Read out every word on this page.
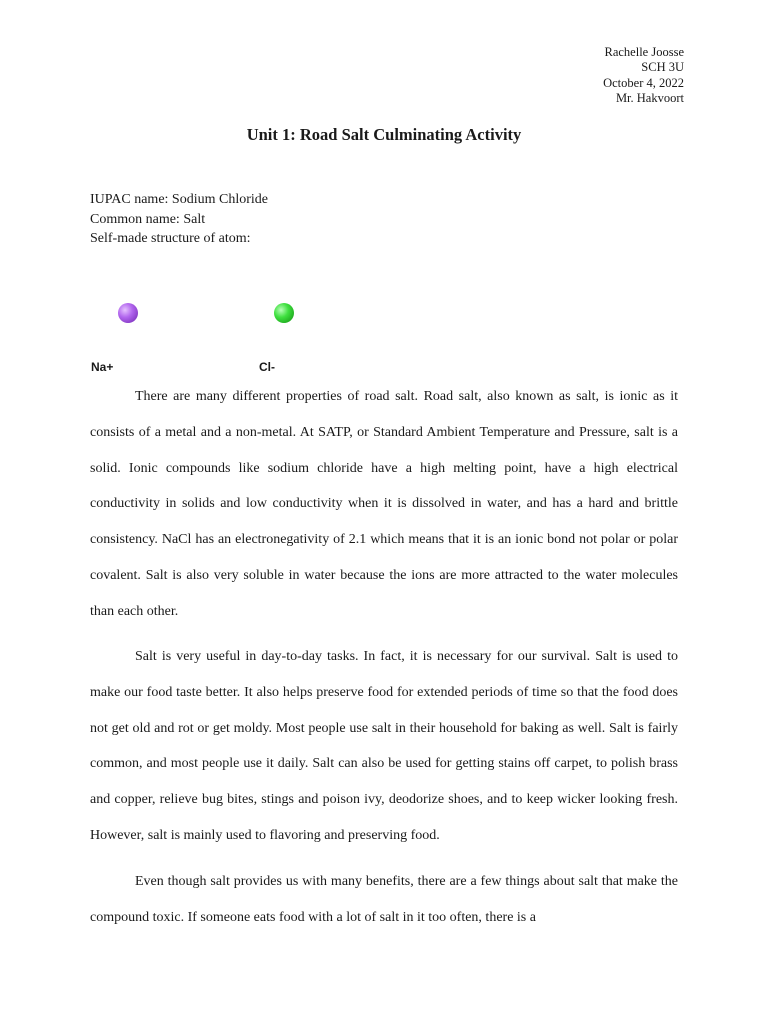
Rachelle Joosse
SCH 3U
October 4, 2022
Mr. Hakvoort
Unit 1: Road Salt Culminating Activity
IUPAC name: Sodium Chloride
Common name: Salt
Self-made structure of atom:
Na+	Cl-

There are many different properties of road salt. Road salt, also known as salt, is ionic as it consists of a metal and a non-metal. At SATP, or Standard Ambient Temperature and Pressure, salt is a solid. Ionic compounds like sodium chloride have a high melting point, have a high electrical conductivity in solids and low conductivity when it is dissolved in water, and has a hard and brittle consistency. NaCl has an electronegativity of 2.1 which means that it is an ionic bond not polar or polar covalent. Salt is also very soluble in water because the ions are more attracted to the water molecules than each other.

Salt is very useful in day-to-day tasks. In fact, it is necessary for our survival. Salt is used to make our food taste better. It also helps preserve food for extended periods of time so that the food does not get old and rot or get moldy. Most people use salt in their household for baking as well. Salt is fairly common, and most people use it daily. Salt can also be used for getting stains off carpet, to polish brass and copper, relieve bug bites, stings and poison ivy, deodorize shoes, and to keep wicker looking fresh. However, salt is mainly used to flavoring and preserving food.

Even though salt provides us with many benefits, there are a few things about salt that make the compound toxic. If someone eats food with a lot of salt in it too often, there is a
